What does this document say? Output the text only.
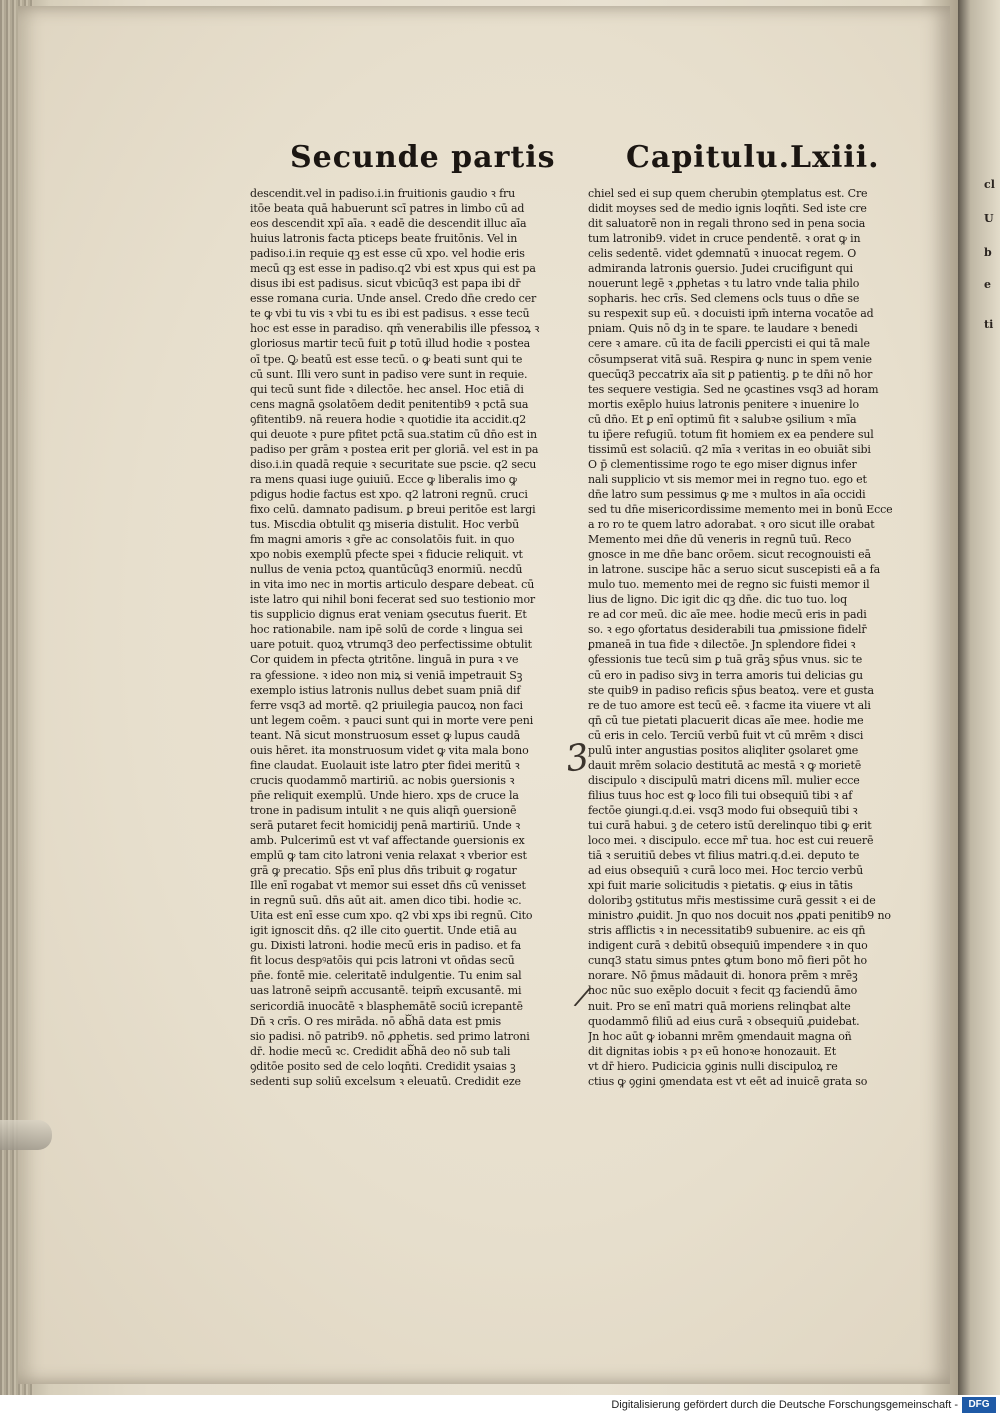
cl
U
b
e
ti
Secunde partis Capitulu.Lxiii.
descendit.vel in padiso.i.in fruitionis gaudio ꝛ fru
itōe beata quā habuerunt scī patres in limbo cū ad
eos descendit xpī aīa. ꝛ eadē die descendit illuc aīa
huius latronis facta pticeps beate fruitōnis. Vel in
padiso.i.in requie qꝫ est esse cū xpo. vel hodie eris
mecū qꝫ est esse in padiso.q2 vbi est xpus qui est pa
disus ibi est padisus. sicut vbicūq3 est papa ibi dr̄
esse romana curia. Unde ansel. Credo dn̄e credo cer
te ꝙ vbi tu vis ꝛ vbi tu es ibi est padisus. ꝛ esse tecū
hoc est esse in paradiso. qm̄ venerabilis ille pfessoꝝ ꝛ
gloriosus martir tecū fuit ꝑ totū illud hodie ꝛ postea
oī tpe. Ꝙ beatū est esse tecū. o ꝙ beati sunt qui te
cū sunt. Illi vero sunt in padiso vere sunt in requie.
qui tecū sunt fide ꝛ dilectōe. hec ansel. Hoc etiā di
cens magnā ꝯsolatōem dedit penitentib9 ꝛ pctā sua
ꝯfitentib9. nā reuera hodie ꝛ quotidie ita accidit.q2
qui deuote ꝛ pure pfitet pctā sua.statim cū dn̄o est in
padiso per grām ꝛ postea erit per gloriā. vel est in pa
diso.i.in quadā requie ꝛ securitate sue pscie. q2 secu
ra mens quasi iuge ꝯuiuiū. Ecce ꝙ liberalis imo ꝙ
pdigus hodie factus est xpo. q2 latroni regnū. cruci
fixo celū. damnato padisum. ꝑ breui peritōe est largi
tus. Miscdia obtulit qꝫ miseria distulit. Hoc verbū
fm magni amoris ꝛ gr̄e ac consolatōis fuit. in quo
xpo nobis exemplū pfecte spei ꝛ fiducie reliquit. vt
nullus de venia pctoꝝ quantūcūq3 enormiū. necdū
in vita imo nec in mortis articulo desꝑare debeat. cū
iste latro qui nihil boni fecerat sed suo testionio mor
tis supplicio dignus erat veniam ꝯsecutus fuerit. Et
hoc rationabile. nam ipē solū de corde ꝛ lingua sei
uare potuit. quoꝝ vtrumq3 deo perfectissime obtulit
Cor quidem in pfecta ꝯtritōne. linguā in pura ꝛ ve
ra ꝯfessione. ꝛ ideo non miꝝ si veniā impetrauit Sꝫ
exemplo istius latronis nullus debet suam pniā dif
ferre vsq3 ad mortē. q2 priuilegia paucoꝝ non faci
unt legem coēm. ꝛ pauci sunt qui in morte vere peni
teant. Nā sicut monstruosum esset ꝙ lupus caudā
ouis hēret. ita monstruosum videt ꝙ vita mala bono
fine claudat. Euolauit iste latro ꝑter fidei meritū ꝛ
crucis quodammō martiriū. ac nobis ꝯuersionis ꝛ
pn̄e reliquit exemplū. Unde hiero. xps de cruce la
trone in padisum intulit ꝛ ne quis aliqn̄ ꝯuersionē
serā putaret fecit homicidij penā martiriū. Unde ꝛ
amb. Pulcerimū est vt vaf affectande ꝯuersionis ex
emplū ꝙ tam cito latroni venia relaxat ꝛ vberior est
grā ꝙ precatio. Sp̄s enī plus dn̄s tribuit ꝙ rogatur
Ille enī rogabat vt memor sui esset dn̄s cū venisset
in regnū suū. dn̄s aūt ait. amen dico tibi. hodie ꝛc.
Uita est enī esse cum xpo. q2 vbi xps ibi regnū. Cito
igit ignoscit dn̄s. q2 ille cito ꝯuertit. Unde etiā au
gu. Dixisti latroni. hodie mecū eris in padiso. et fa
fit locus despꝰatōis qui pcis latroni vt on̄das secū
pn̄e. fontē mie. celeritatē indulgentie. Tu enim sal
uas latronē seipm̄ accusantē. teipm̄ excusantē. mi
sericordiā inuocātē ꝛ blasphemātē sociū icrepantē
Dn̄ ꝛ crīs. O res mirāda. nō abᷓhā data est pmis
sio padisi. nō patrib9. nō ꝓphetis. sed primo latroni
dr̄. hodie mecū ꝛc. Credidit abᷓhā deo nō sub tali
ꝯditōe posito sed de celo loqn̄ti. Credidit ysaias ꝫ
sedenti sup soliū excelsum ꝛ eleuatū. Credidit eze
chiel sed ei sup quem cherubin ꝯtemplatus est. Cre
didit moyses sed de medio ignis loqn̄ti. Sed iste cre
dit saluatorē non in regali throno sed in pena socia
tum latronib9. videt in cruce pendentē. ꝛ orat ꝙ in
celis sedentē. videt ꝯdemnatū ꝛ inuocat regem. O
admiranda latronis ꝯuersio. Judei crucifigunt qui
nouerunt legē ꝛ ꝓphetas ꝛ tu latro vnde talia philo
sopharis. hec crīs. Sed clemens ocls tuus o dn̄e se
su respexit sup eū. ꝛ docuisti ipm̄ interna vocatōe ad
pniam. Quis nō dꝫ in te spare. te laudare ꝛ benedi
cere ꝛ amare. cū ita de facili ꝑpercisti ei qui tā male
cōsumpserat vitā suā. Respira ꝙ nunc in spem venie
quecūq3 peccatrix aīa sit ꝑ patientiꝫ. ꝑ te dn̄i nō hor
tes sequere vestigia. Sed ne ꝯcastines vsq3 ad horam
mortis exēplo huius latronis penitere ꝛ inuenire lo
cū dn̄o. Et ꝑ enī optimū fit ꝛ salubꝛe ꝯsilium ꝛ mīa
tu ip̄ere refugiū. totum fit homiem ex ea pendere sul
tissimū est solaciū. q2 mīa ꝛ veritas in eo obuiāt sibi
O p̄ clementissime rogo te ego miser dignus infer
nali supplicio vt sis memor mei in regno tuo. ego et
dn̄e latro sum pessimus ꝙ me ꝛ multos in aīa occidi
sed tu dn̄e misericordissime memento mei in bonū Ecce
a ro ro te quem latro adorabat. ꝛ oro sicut ille orabat
Memento mei dn̄e dū veneris in regnū tuū. Reco
gnosce in me dn̄e banc orōem. sicut recognouisti eā
in latrone. suscipe hāc a seruo sicut suscepisti eā a fa
mulo tuo. memento mei de regno sic fuisti memor il
lius de ligno. Dic igit dic qꝫ dn̄e. dic tuo tuo. loq
re ad cor meū. dic aīe mee. hodie mecū eris in padi
so. ꝛ ego ꝯfortatus desiderabili tua ꝓmissione fidelr̄
ꝑmaneā in tua fide ꝛ dilectōe. Jn splendore fidei ꝛ
ꝯfessionis tue tecū sim ꝑ tuā grāꝫ sp̄us vnus. sic te
cū ero in padiso sivꝫ in terra amoris tui delicias gu
ste quib9 in padiso reficis sp̄us beatoꝝ. vere et gusta
re de tuo amore est tecū eē. ꝛ facme ita viuere vt ali
qn̄ cū tue pietati placuerit dicas aīe mee. hodie me
cū eris in celo. Terciū verbū fuit vt cū mrēm ꝛ disci
pulū inter angustias positos aliqliter ꝯsolaret ꝯme
dauit mrēm solacio destitutā ac mestā ꝛ ꝙ morietē
discipulo ꝛ discipulū matri dicens mīl. mulier ecce
filius tuus hoc est ꝙ loco fili tui obsequiū tibi ꝛ af
fectōe ꝯiungi.q.d.ei. vsq3 modo fui obsequiū tibi ꝛ
tui curā habui. ꝫ de cetero istū derelinquo tibi ꝙ erit
loco mei. ꝛ discipulo. ecce mr̄ tua. hoc est cui reuerē
tiā ꝛ seruitiū debes vt filius matri.q.d.ei. deputo te
ad eius obsequiū ꝛ curā loco mei. Hoc tercio verbū
xpi fuit marie solicitudis ꝛ pietatis. ꝙ eius in tātis
doloribꝫ ꝯstitutus mr̄is mestissime curā gessit ꝛ ei de
ministro ꝓuidit. Jn quo nos docuit nos ꝓpati penitib9 no
stris afflictis ꝛ in necessitatib9 subuenire. ac eis qn̄
indigent curā ꝛ debitū obsequiū impendere ꝛ in quo
cunq3 statu simus pntes ꝙtum bono mō fieri pōt ho
norare. Nō p̄mus mādauit di. honora prēm ꝛ mrēꝫ
hoc nūc suo exēplo docuit ꝛ fecit qꝫ faciendū āmo
nuit. Pro se enī matri quā moriens relinqbat alte
quodammō filiū ad eius curā ꝛ obsequiū ꝓuidebat.
Jn hoc aūt ꝙ iobanni mrēm ꝯmendauit magna oñ
dit dignitas iobis ꝛ pꝛ eū honoꝛe honozauit. Et
vt dr̄ hiero. Pudicicia ꝯginis nulli discipuloꝝ re
ctius ꝙ ꝯgini ꝯmendata est vt eēt ad inuicē grata so
3
/
Digitalisierung gefördert durch die Deutsche Forschungsgemeinschaft -	DFG
